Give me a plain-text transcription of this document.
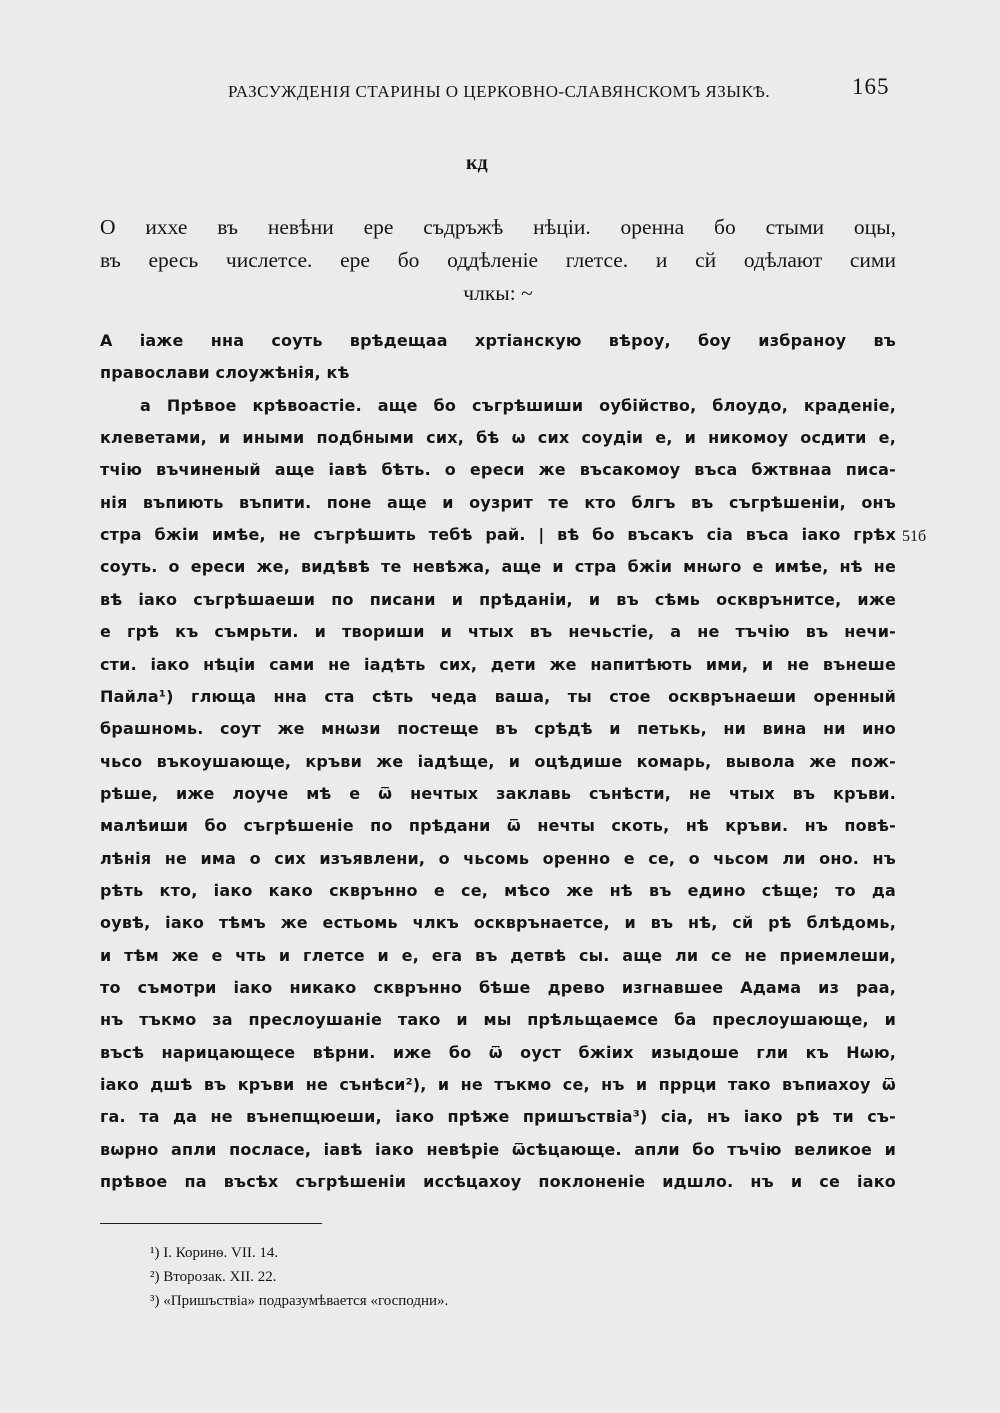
РАЗСУЖДЕНІЯ СТАРИНЫ О ЦЕРКОВНО-СЛАВЯНСКОМЪ ЯЗЫКѢ.	165
кд
О иххе въ невѣни ере съдръжѣ нѣціи. оренна бо стыми оцы,
въ ересь числетсе. ере бо оддѣленіе глетсе. и сй одѣлают сими
члкы: ~
А іаже нна соуть врѣдещаа хртіанскую вѣроу, боу избраноу въ
православи слоужѣнія, кѣ
а Прѣвое крѣвоастіе. аще бо съгрѣшиши оубійство, блоудо, краденіе,
клеветами, и иными подбными сих, бѣ ѡ сих соудіи е, и никомоу осдити е,
тчію въчиненый аще іавѣ бѣть. о ереси же въсакомоу въса бжтвнаа писа-
нія въпиють въпити. поне аще и оузрит те кто блгъ въ съгрѣшеніи, онъ
стра бжіи имѣе, не съгрѣшить тебѣ рай. | вѣ бо въсакъ сіа въса іако грѣх
соуть. о ереси же, видѣвѣ те невѣжа, аще и стра бжіи мнѡго е имѣе, нѣ не
вѣ іако съгрѣшаеши по писани и прѣданіи, и въ сѣмь оскврънитсе, иже
е грѣ къ съмрьти. и твориши и чтых въ нечьстіе, а не тъчію въ нечи-
сти. іако нѣціи сами не іадѣть сих, дети же напитѣють ими, и не вънеше
Пайла¹) глюща нна ста сѣть чеда ваша, ты стое оскврънаеши оренный
брашномь. соут же мнѡзи постеще въ срѣдѣ и петькь, ни вина ни ино
чьсо въкоушающе, кръви же іадѣще, и оцѣдише комарь, вывола же пож-
рѣше, иже лоуче мѣ е ѿ нечтых заклавь сънѣсти, не чтых въ кръви.
малѣиши бо съгрѣшеніе по прѣдани ѿ нечты скоть, нѣ кръви. нъ повѣ-
лѣнія не има о сих изъявлени, о чьсомь оренно е се, о чьсом ли оно. нъ
рѣть кто, іако како скврънно е се, мѣсо же нѣ въ едино сѣще; то да
оувѣ, іако тѣмъ же естьомь члкъ оскврънаетсе, и въ нѣ, сй рѣ блѣдомь,
и тѣм же е чть и глетсе и е, ега въ детвѣ сы. аще ли се не приемлеши,
то съмотри іако никако скврънно бѣше древо изгнавшее Адама из раа,
нъ тъкмо за преслоушаніе тако и мы прѣльщаемсе ба преслоушающе, и
въсѣ нарицающесе вѣрни. иже бо ѿ оуст бжіих изыдоше гли къ Нѡю,
іако дшѣ въ кръви не сънѣси²), и не тъкмо се, нъ и пррци тако въпиахоу ѿ
га. та да не вънепщюеши, іако прѣже пришъствіа³) сіа, нъ іако рѣ ти съ-
вѡрно апли посласе, іавѣ іако невѣріе ѿсѣцающе. апли бо тъчію великое и
прѣвое па въсѣх съгрѣшеніи иссѣцахоу поклоненіе идшло. нъ и се іако
51б
¹) І. Коринѳ. VII. 14.
²) Второзак. XII. 22.
³) «Пришъствіа» подразумѣвается «господни».
